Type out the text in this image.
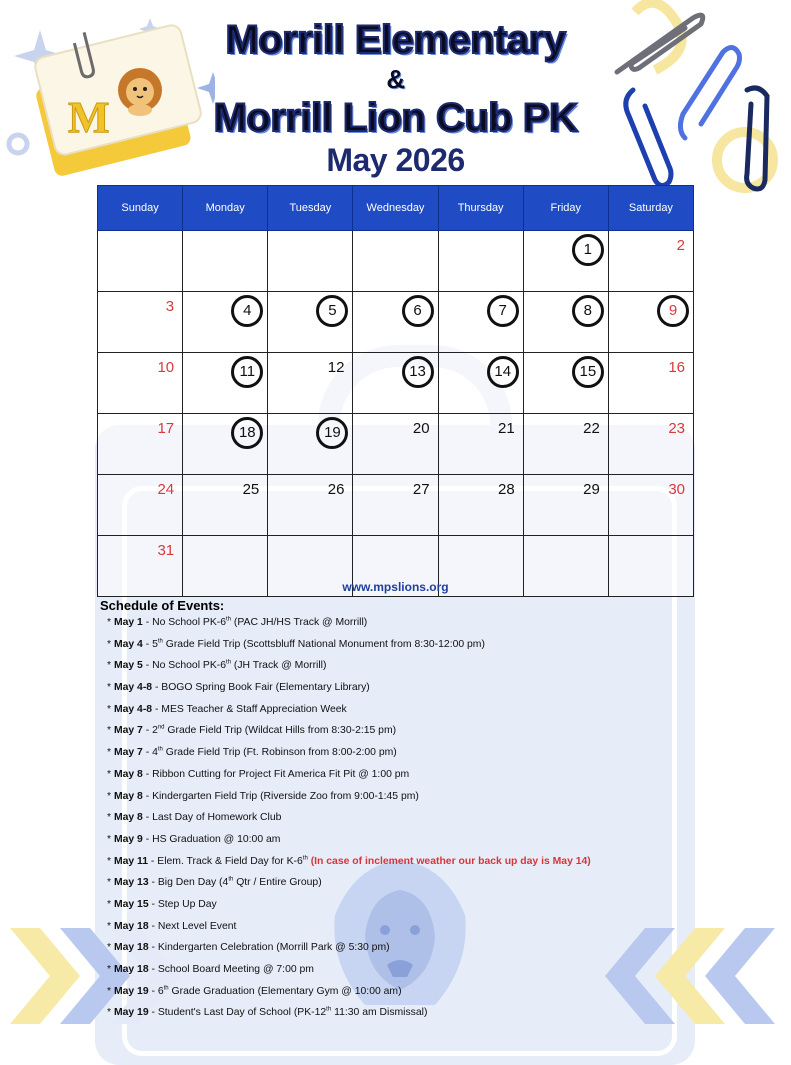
M
Morrill Elementary
&
Morrill Lion Cub PK
May 2026
Sunday	Monday	Tuesday	Wednesday	Thursday	Friday	Saturday
					1	2
3	4	5	6	7	8	9
10	11	12	13	14	15	16
17	18	19	20	21	22	23
24	25	26	27	28	29	30
31						
www.mpslions.org
Schedule of Events:
* May 1 - No School PK-6th (PAC JH/HS Track @ Morrill)
* May 4 - 5th Grade Field Trip (Scottsbluff National Monument from 8:30-12:00 pm)
* May 5 - No School PK-6th (JH Track @ Morrill)
* May 4-8 - BOGO Spring Book Fair (Elementary Library)
* May 4-8 - MES Teacher & Staff Appreciation Week
* May 7 - 2nd Grade Field Trip (Wildcat Hills from 8:30-2:15 pm)
* May 7 - 4th Grade Field Trip (Ft. Robinson from 8:00-2:00 pm)
* May 8 - Ribbon Cutting for Project Fit America Fit Pit @ 1:00 pm
* May 8 - Kindergarten Field Trip (Riverside Zoo from 9:00-1:45 pm)
* May 8 - Last Day of Homework Club
* May 9 - HS Graduation @ 10:00 am
* May 11 - Elem. Track & Field Day for K-6th (In case of inclement weather our back up day is May 14)
* May 13 - Big Den Day (4th Qtr / Entire Group)
* May 15 - Step Up Day
* May 18 - Next Level Event
* May 18 - Kindergarten Celebration (Morrill Park @ 5:30 pm)
* May 18 - School Board Meeting @ 7:00 pm
* May 19 - 6th Grade Graduation (Elementary Gym @ 10:00 am)
* May 19 - Student's Last Day of School (PK-12th 11:30 am Dismissal)
